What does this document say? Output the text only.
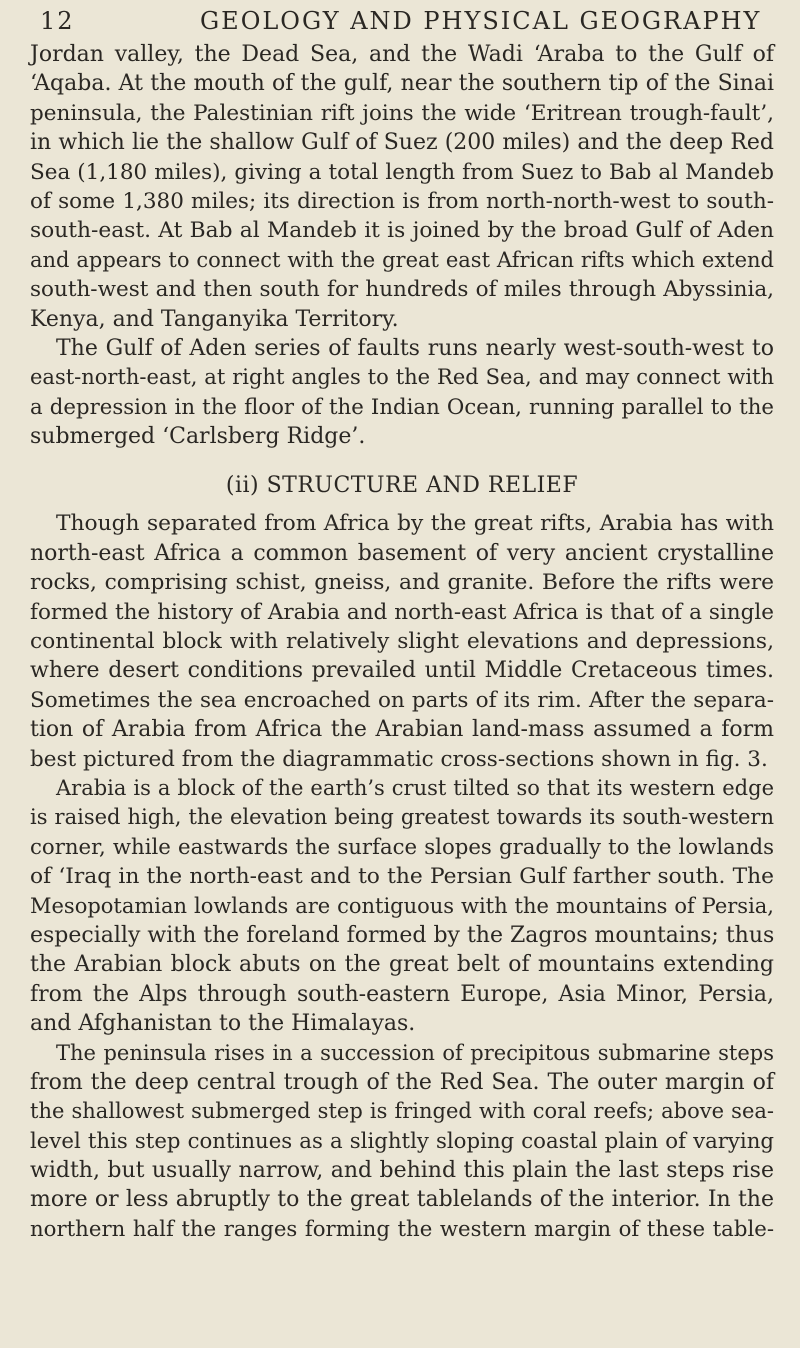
12	GEOLOGY AND PHYSICAL GEOGRAPHY
Jordan valley, the Dead Sea, and the Wadi ‘Araba to the Gulf of
‘Aqaba. At the mouth of the gulf, near the southern tip of the Sinai
peninsula, the Palestinian rift joins the wide ‘Eritrean trough-fault’,
in which lie the shallow Gulf of Suez (200 miles) and the deep Red
Sea (1,180 miles), giving a total length from Suez to Bab al Mandeb
of some 1,380 miles; its direction is from north-north-west to south-
south-east. At Bab al Mandeb it is joined by the broad Gulf of Aden
and appears to connect with the great east African rifts which extend
south-west and then south for hundreds of miles through Abyssinia,
Kenya, and Tanganyika Territory.
The Gulf of Aden series of faults runs nearly west-south-west to
east-north-east, at right angles to the Red Sea, and may connect with
a depression in the floor of the Indian Ocean, running parallel to the
submerged ‘Carlsberg Ridge’.
(ii) STRUCTURE AND RELIEF
Though separated from Africa by the great rifts, Arabia has with
north-east Africa a common basement of very ancient crystalline
rocks, comprising schist, gneiss, and granite. Before the rifts were
formed the history of Arabia and north-east Africa is that of a single
continental block with relatively slight elevations and depressions,
where desert conditions prevailed until Middle Cretaceous times.
Sometimes the sea encroached on parts of its rim. After the separa-
tion of Arabia from Africa the Arabian land-mass assumed a form
best pictured from the diagrammatic cross-sections shown in fig. 3.
Arabia is a block of the earth’s crust tilted so that its western edge
is raised high, the elevation being greatest towards its south-western
corner, while eastwards the surface slopes gradually to the lowlands
of ‘Iraq in the north-east and to the Persian Gulf farther south. The
Mesopotamian lowlands are contiguous with the mountains of Persia,
especially with the foreland formed by the Zagros mountains; thus
the Arabian block abuts on the great belt of mountains extending
from the Alps through south-eastern Europe, Asia Minor, Persia,
and Afghanistan to the Himalayas.
The peninsula rises in a succession of precipitous submarine steps
from the deep central trough of the Red Sea. The outer margin of
the shallowest submerged step is fringed with coral reefs; above sea-
level this step continues as a slightly sloping coastal plain of varying
width, but usually narrow, and behind this plain the last steps rise
more or less abruptly to the great tablelands of the interior. In the
northern half the ranges forming the western margin of these table-
